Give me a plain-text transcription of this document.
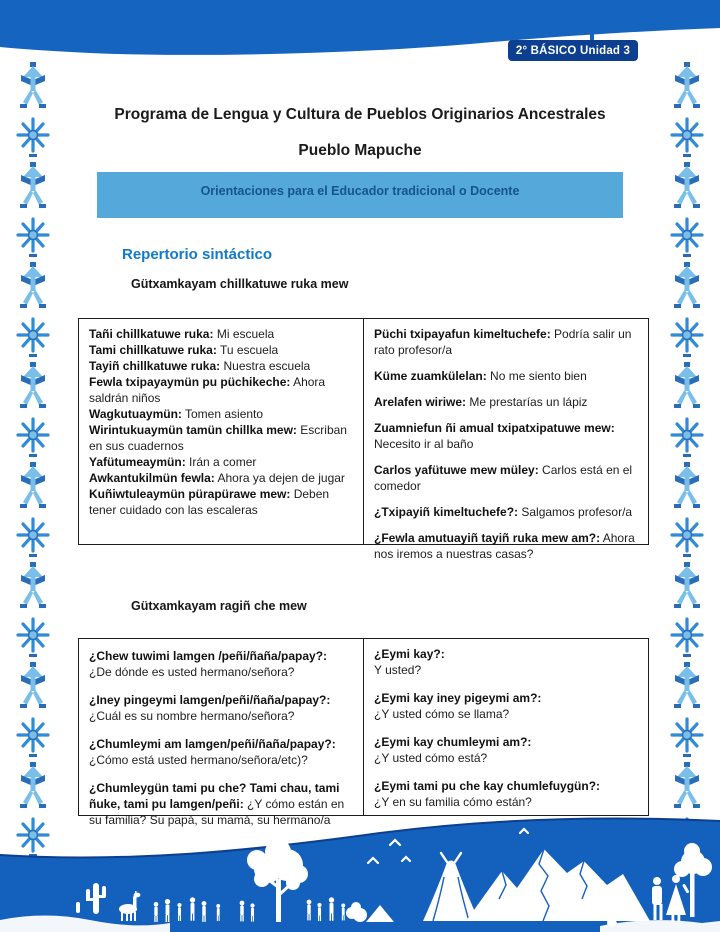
2° BÁSICO Unidad 3
Programa de Lengua y Cultura de Pueblos Originarios Ancestrales
Pueblo Mapuche
Orientaciones para el Educador tradicional o Docente
Repertorio sintáctico
Gütxamkayam chillkatuwe ruka mew

Tañi chillkatuwe ruka: Mi escuela

Tami chillkatuwe ruka: Tu escuela

Tayiñ chillkatuwe ruka: Nuestra escuela

Fewla txipayaymün pu püchikeche: Ahora saldrán niños

Wagkutuaymün: Tomen asiento

Wirintukuaymün tamün chillka mew: Escriban en sus cuadernos

Yafütumeaymün: Irán a comer

Awkantukilmün fewla: Ahora ya dejen de jugar

Kuñiwtuleaymün pürapürawe mew: Deben tener cuidado con las escaleras

Püchi txipayafun kimeltuchefe: Podría salir un rato profesor/a

Küme zuamkülelan: No me siento bien

Arelafen wiriwe: Me prestarías un lápiz

Zuamniefun ñi amual txipatxipatuwe mew: Necesito ir al baño

Carlos yafütuwe mew müley: Carlos está en el comedor

¿Txipayiñ kimeltuchefe?: Salgamos profesor/a

¿Fewla amutuayiñ tayiñ ruka mew am?: Ahora nos iremos a nuestras casas?

Gütxamkayam ragiñ che mew

¿Chew tuwimi lamgen /peñi/ñaña/papay?:
¿De dónde es usted hermano/señora?

¿Iney pingeymi lamgen/peñi/ñaña/papay?:
¿Cuál es su nombre hermano/señora?

¿Chumleymi am lamgen/peñi/ñaña/papay?:
¿Cómo está usted hermano/señora/etc)?

¿Chumleygün tami pu che? Tami chau, tami ñuke, tami pu lamgen/peñi: ¿Y cómo están en su familia? Su papá, su mamá, su hermano/a

¿Eymi kay?:
Y usted?

¿Eymi kay iney pigeymi am?:
¿Y usted cómo se llama?

¿Eymi kay chumleymi am?:
¿Y usted cómo está?

¿Eymi tami pu che kay chumlefuygün?:
¿Y en su familia cómo están?
